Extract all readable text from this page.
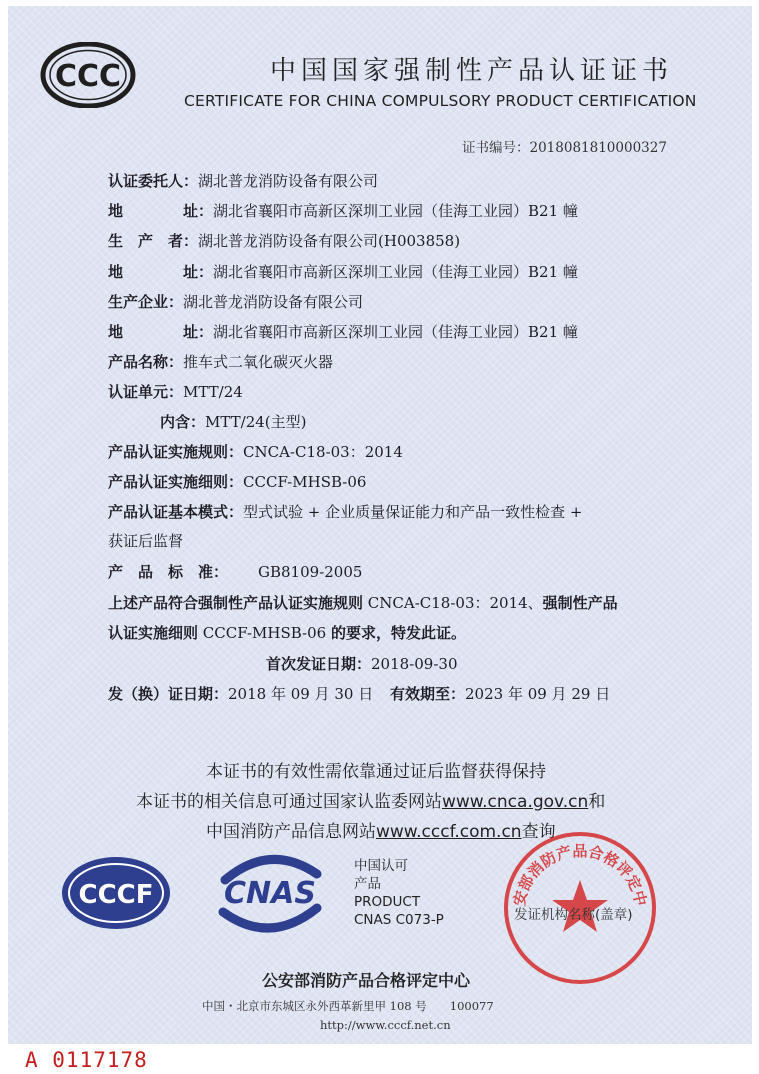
CCC	中国国家强制性产品认证证书
CERTIFICATE FOR CHINA COMPULSORY PRODUCT CERTIFICATION
证书编号：2018081810000327
认证委托人：湖北普龙消防设备有限公司
地	址： 湖北省襄阳市高新区深圳工业园（佳海工业园）B21 幢
生　产　者：湖北普龙消防设备有限公司(H003858)
地	址： 湖北省襄阳市高新区深圳工业园（佳海工业园）B21 幢
生产企业：湖北普龙消防设备有限公司
地	址： 湖北省襄阳市高新区深圳工业园（佳海工业园）B21 幢
产品名称：推车式二氧化碳灭火器
认证单元：MTT/24
内含：MTT/24(主型)
产品认证实施规则：CNCA-C18-03：2014
产品认证实施细则：CCCF-MHSB-06
产品认证基本模式：型式试验 + 企业质量保证能力和产品一致性检查 +
获证后监督
产　品　标　准： GB8109-2005
上述产品符合强制性产品认证实施规则 CNCA-C18-03：2014、强制性产品
认证实施细则 CCCF-MHSB-06 的要求，特发此证。
首次发证日期：2018-09-30
发（换）证日期：2018 年 09 月 30 日 有效期至：2023 年 09 月 29 日
本证书的有效性需依靠通过证后监督获得保持
本证书的相关信息可通过国家认监委网站www.cnca.gov.cn和
中国消防产品信息网站www.cccf.com.cn查询
CCCF CNAS
中国认可
产品
PRODUCT
CNAS C073-P
安部消防产品合格评定中
发证机构名称(盖章)
公安部消防产品合格评定中心
中国・北京市东城区永外西革新里甲 108 号　　100077
http://www.cccf.net.cn
A 0117178
